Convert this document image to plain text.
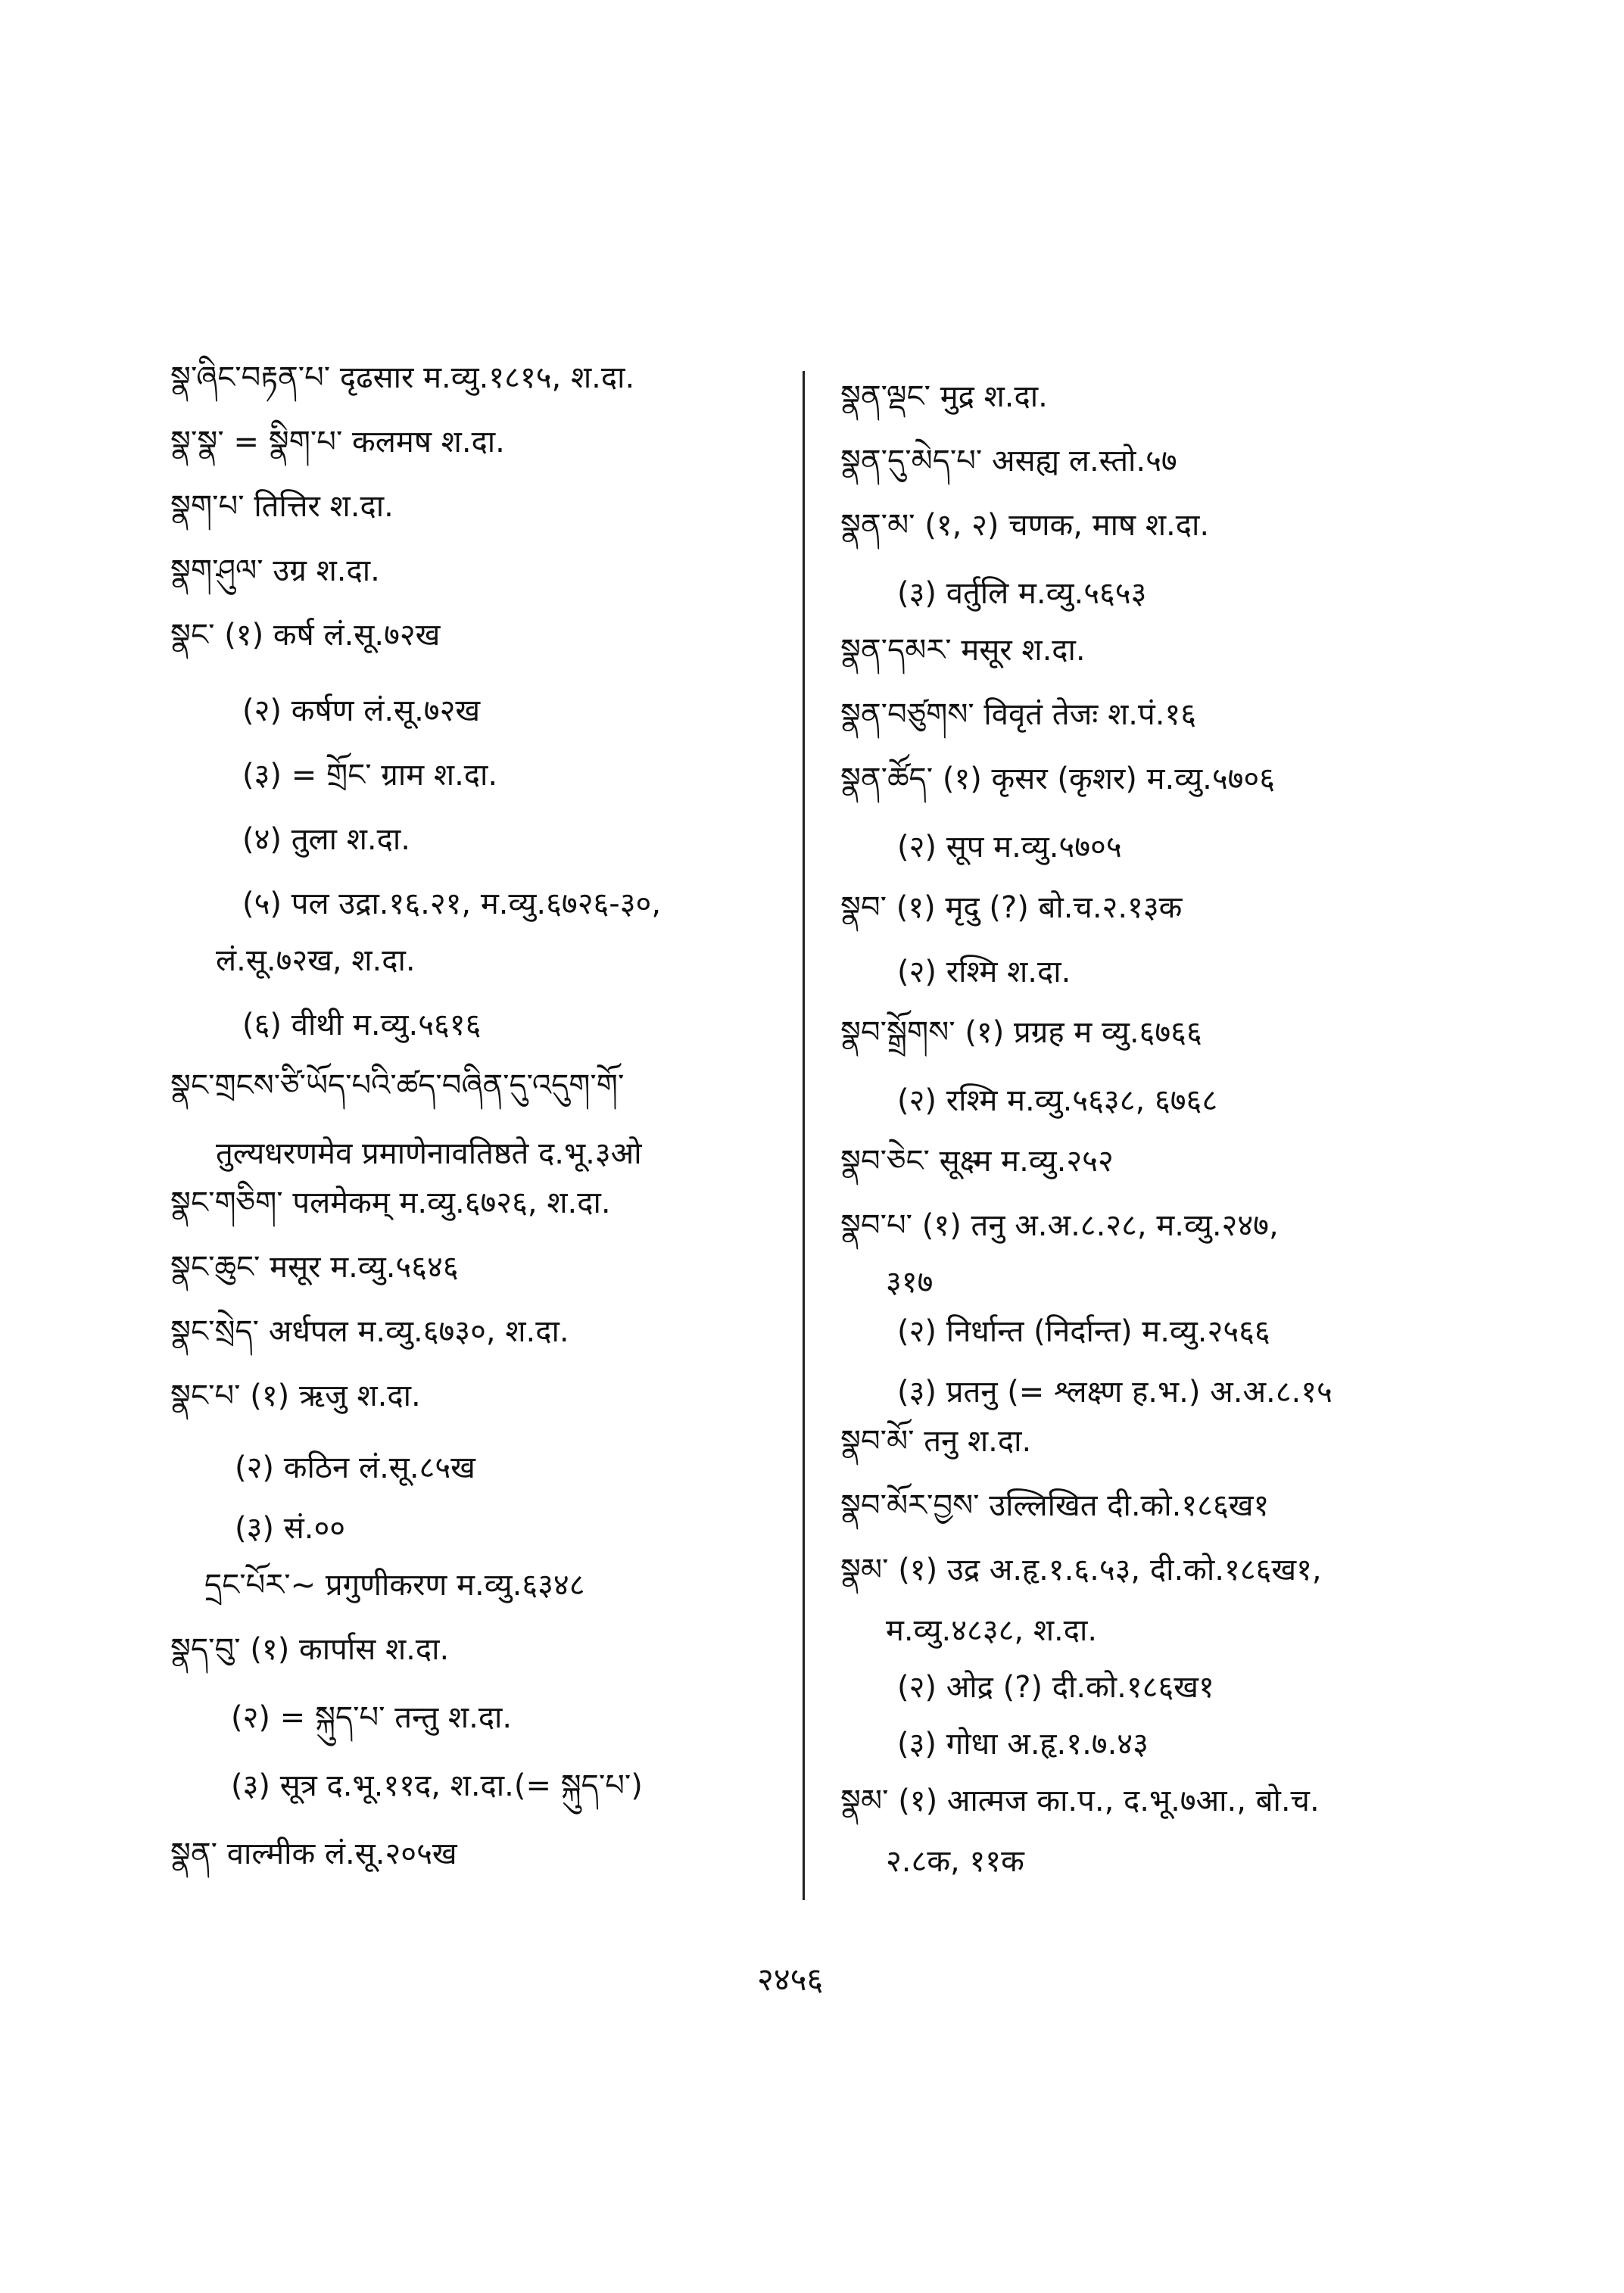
སྣ་ཞིང་བརྟན་པ་ दृढसार म.व्यु.१८१५, श.दा.
སྣ་སྣ་ = སྣིག་པ་ कलमष श.दा.
སྣག་པ་ तित्तिर श.दा.
སྣག་ཤུལ་ उग्र श.दा.
སྣང་ (१) कर्ष लं.सू.७२ख
(२) कर्षण लं.सू.७२ख
(३) = གྲོང་ ग्राम श.दा.
(४) तुला श.दा.
(५) पल उद्रा.१६.२१, म.व्यु.६७२६-३०,
लं.सू.७२ख, श.दा.
(६) वीथी म.व्यु.५६१६
སྣང་གྲངས་ཙི་ཡོད་པའི་ཚད་བཞིན་དུ་འདུག་གོ་
तुल्यधरणमेव प्रमाणेनावतिष्ठते द.भू.३ओ
སྣང་གཅིག་ पलमेकम् म.व्यु.६७२६, श.दा.
སྣང་ཆུང་ मसूर म.व्यु.५६४६
སྣང་སྲེད་ अर्धपल म.व्यु.६७३०, श.दा.
སྣང་པ་ (१) ऋजु श.दा.
(२) कठिन लं.सू.८५ख
(३) सं.००
དྲང་པོར་~ प्रगुणीकरण म.व्यु.६३४८
སྣད་བུ་ (१) कार्पास श.दा.
(२) = སྐུད་པ་ तन्तु श.दा.
(३) सूत्र द.भू.११द, श.दा.(= སྐུད་པ་)
སྣན་ वाल्मीक लं.सू.२०५ख
སྣན་ལྡང་ मुद्र श.दा.
སྣན་དུ་མེད་པ་ असह्य ल.स्तो.५७
སྣན་མ་ (१, २) चणक, माष श.दा.
(३) वर्तुलि म.व्यु.५६५३
སྣན་དམར་ मसूर श.दा.
སྣན་བཙུགས་ विवृतं तेजः श.पं.१६
སྣན་ཚོད་ (१) कृसर (कृशर) म.व्यु.५७०६
(२) सूप म.व्यु.५७०५
སྣབ་ (१) मृदु (?) बो.च.२.१३क
(२) रश्मि श.दा.
སྣབ་སྒྲོགས་ (१) प्रग्रह म व्यु.६७६६
(२) रश्मि म.व्यु.५६३८, ६७६८
སྣབ་ཅེང་ सूक्ष्म म.व्यु.२५२
སྣབ་པ་ (१) तनु अ.अ.८.२८, म.व्यु.२४७,
३१७
(२) निर्धान्त (निर्दान्त) म.व्यु.२५६६
(३) प्रतनु (= श्लक्ष्ण ह.भ.) अ.अ.८.१५
སྣབ་མོ་ तनु श.दा.
སྣབ་མོར་བྱས་ उल्लिखित दी.को.१८६ख१
སྣམ་ (१) उद्र अ.हृ.१.६.५३, दी.को.१८६ख१,
म.व्यु.४८३८, श.दा.
(२) ओद्र (?) दी.को.१८६ख१
(३) गोधा अ.हृ.१.७.४३
སྣམ་ (१) आत्मज का.प., द.भू.७आ., बो.च.
२.८क, ११क
२४५६
